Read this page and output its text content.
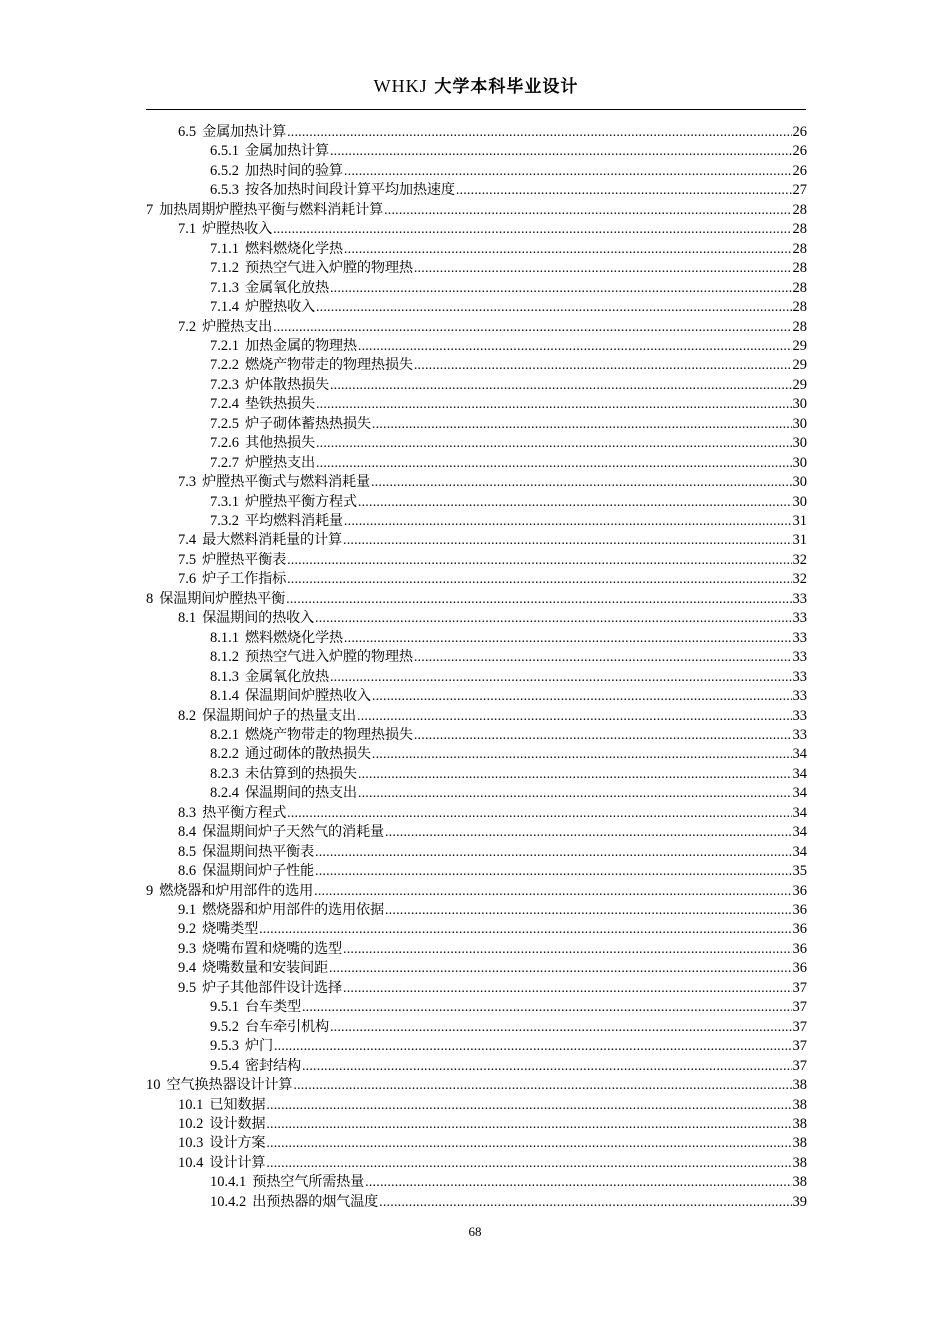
WHKJ 大学本科毕业设计
6.5 金属加热计算 .....	26
6.5.1 金属加热计算 .....	26
6.5.2 加热时间的验算 .....	26
6.5.3 按各加热时间段计算平均加热速度 .....	27
7 加热周期炉膛热平衡与燃料消耗计算 .....	28
7.1 炉膛热收入 .....	28
7.1.1 燃料燃烧化学热 .....	28
7.1.2 预热空气进入炉膛的物理热 .....	28
7.1.3 金属氧化放热 .....	28
7.1.4 炉膛热收入 .....	28
7.2 炉膛热支出 .....	28
7.2.1 加热金属的物理热 .....	29
7.2.2 燃烧产物带走的物理热损失 .....	29
7.2.3 炉体散热损失 .....	29
7.2.4 垫铁热损失 .....	30
7.2.5 炉子砌体蓄热热损失 .....	30
7.2.6 其他热损失 .....	30
7.2.7 炉膛热支出 .....	30
7.3 炉膛热平衡式与燃料消耗量 .....	30
7.3.1 炉膛热平衡方程式 .....	30
7.3.2 平均燃料消耗量 .....	31
7.4 最大燃料消耗量的计算 .....	31
7.5 炉膛热平衡表 .....	32
7.6 炉子工作指标 .....	32
8 保温期间炉膛热平衡 .....	33
8.1 保温期间的热收入 .....	33
8.1.1 燃料燃烧化学热 .....	33
8.1.2 预热空气进入炉膛的物理热 .....	33
8.1.3 金属氧化放热 .....	33
8.1.4 保温期间炉膛热收入 .....	33
8.2 保温期间炉子的热量支出 .....	33
8.2.1 燃烧产物带走的物理热损失 .....	33
8.2.2 通过砌体的散热损失 .....	34
8.2.3 未估算到的热损失 .....	34
8.2.4 保温期间的热支出 .....	34
8.3 热平衡方程式 .....	34
8.4 保温期间炉子天然气的消耗量 .....	34
8.5 保温期间热平衡表 .....	34
8.6 保温期间炉子性能 .....	35
9 燃烧器和炉用部件的选用 .....	36
9.1 燃烧器和炉用部件的选用依据 .....	36
9.2 烧嘴类型 .....	36
9.3 烧嘴布置和烧嘴的选型 .....	36
9.4 烧嘴数量和安装间距 .....	36
9.5 炉子其他部件设计选择 .....	37
9.5.1 台车类型 .....	37
9.5.2 台车牵引机构 .....	37
9.5.3 炉门 .....	37
9.5.4 密封结构 .....	37
10 空气换热器设计计算 .....	38
10.1 已知数据 .....	38
10.2 设计数据 .....	38
10.3 设计方案 .....	38
10.4 设计计算 .....	38
10.4.1 预热空气所需热量 .....	38
10.4.2 出预热器的烟气温度 .....	39
68
